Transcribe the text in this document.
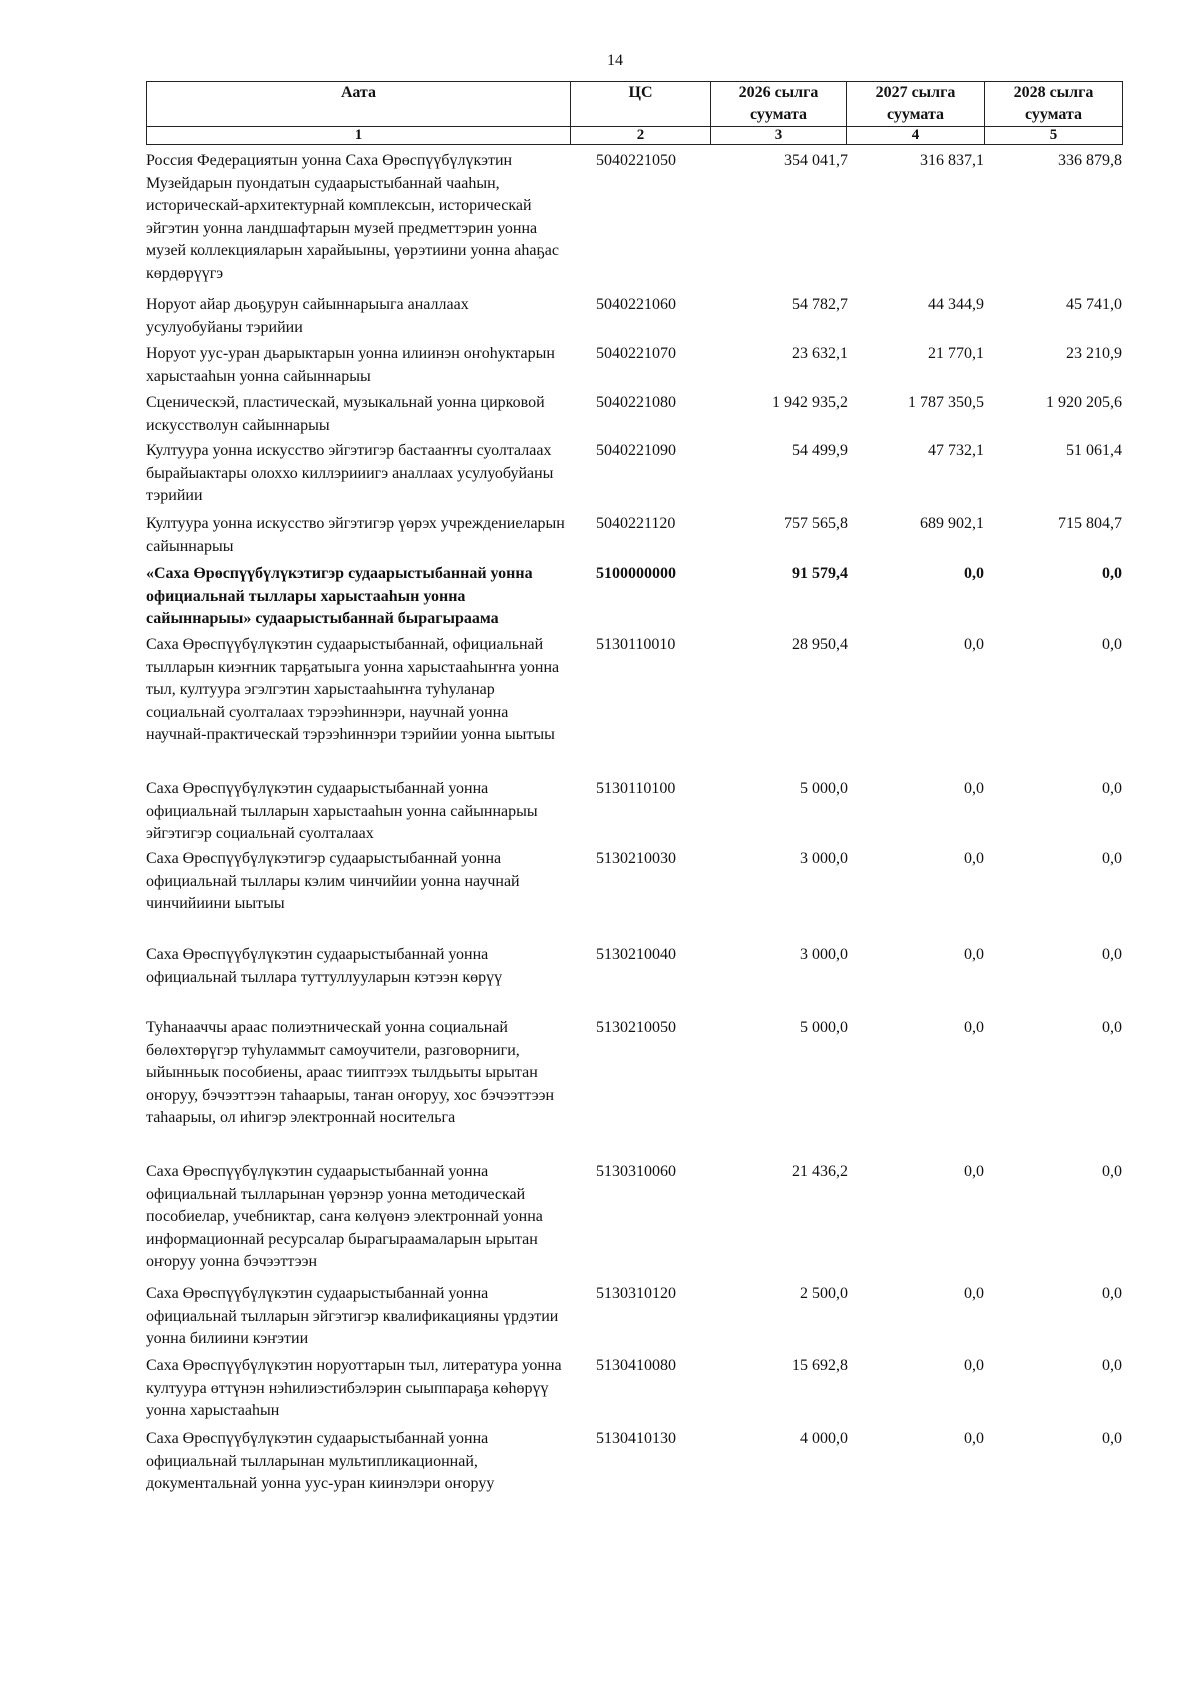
14
Аата	ЦС	2026 сылга суумата	2027 сылга суумата	2028 сылга суумата
1	2	3	4	5
Россия Федерациятын уонна Саха Өрөспүүбүлүкэтин Музейдарын пуондатын судаарыстыбаннай чааһын, историческай-архитектурнай комплексын, историческай эйгэтин уонна ландшафтарын музей предметтэрин уонна музей коллекцияларын харайыыны, үөрэтиини уонна аһаҕас көрдөрүүгэ
5040221050	354 041,7	316 837,1	336 879,8
Норуот айар дьоҕурун сайыннарыыга аналлаах усулуобуйаны тэрийии
5040221060	54 782,7	44 344,9	45 741,0
Норуот уус-уран дьарыктарын уонна илиинэн оҥоһуктарын харыстааһын уонна сайыннарыы
5040221070	23 632,1	21 770,1	23 210,9
Сценическэй, пластическай, музыкальнай уонна цирковой искусстволун сайыннарыы
5040221080	1 942 935,2	1 787 350,5	1 920 205,6
Култуура уонна искусство эйгэтигэр бастааҥҥы суолталаах бырайыактары олоххо киллэрииигэ аналлаах усулуобуйаны тэрийии
5040221090	54 499,9	47 732,1	51 061,4
Култуура уонна искусство эйгэтигэр үөрэх учреждениеларын сайыннарыы
5040221120	757 565,8	689 902,1	715 804,7
«Саха Өрөспүүбүлүкэтигэр судаарыстыбаннай уонна официальнай тыллары харыстааһын уонна сайыннарыы» судаарыстыбаннай бырагыраама
5100000000	91 579,4	0,0	0,0
Саха Өрөспүүбүлүкэтин судаарыстыбаннай, официальнай тылларын киэҥник тарҕатыыга уонна харыстааһыҥҥа уонна тыл, култуура эгэлгэтин харыстааһыҥҥа туһуланар социальнай суолталаах тэрээһиннэри, научнай уонна научнай-практическай тэрээһиннэри тэрийии уонна ыытыы
5130110010	28 950,4	0,0	0,0
Саха Өрөспүүбүлүкэтин судаарыстыбаннай уонна официальнай тылларын харыстааһын уонна сайыннарыы эйгэтигэр социальнай суолталаах
5130110100	5 000,0	0,0	0,0
Саха Өрөспүүбүлүкэтигэр судаарыстыбаннай уонна официальнай тыллары кэлим чинчийии уонна научнай чинчийиини ыытыы
5130210030	3 000,0	0,0	0,0
Саха Өрөспүүбүлүкэтин судаарыстыбаннай уонна официальнай тыллара туттуллууларын кэтээн көрүү
5130210040	3 000,0	0,0	0,0
Туһанааччы араас полиэтническай уонна социальнай бөлөхтөрүгэр туһуламмыт самоучители, разговорниги, ыйынньык пособиены, араас тииптээх тылдьыты ырытан оҥоруу, бэчээттээн таһаарыы, таҥан оҥоруу, хос бэчээттээн таһаарыы, ол иһигэр электроннай носительга
5130210050	5 000,0	0,0	0,0
Саха Өрөспүүбүлүкэтин судаарыстыбаннай уонна официальнай тылларынан үөрэнэр уонна методическай пособиелар, учебниктар, саҥа көлүөнэ электроннай уонна информационнай ресурсалар бырагыраамаларын ырытан оҥоруу уонна бэчээттээн
5130310060	21 436,2	0,0	0,0
Саха Өрөспүүбүлүкэтин судаарыстыбаннай уонна официальнай тылларын эйгэтигэр квалификацияны үрдэтии уонна билиини кэҥэтии
5130310120	2 500,0	0,0	0,0
Саха Өрөспүүбүлүкэтин норуоттарын тыл, литература уонна култуура өттүнэн нэһилиэстибэлэрин сыыппараҕа көһөрүү уонна харыстааһын
5130410080	15 692,8	0,0	0,0
Саха Өрөспүүбүлүкэтин судаарыстыбаннай уонна официальнай тылларынан мультипликационнай, документальнай уонна уус-уран киинэлэри оҥоруу
5130410130	4 000,0	0,0	0,0
